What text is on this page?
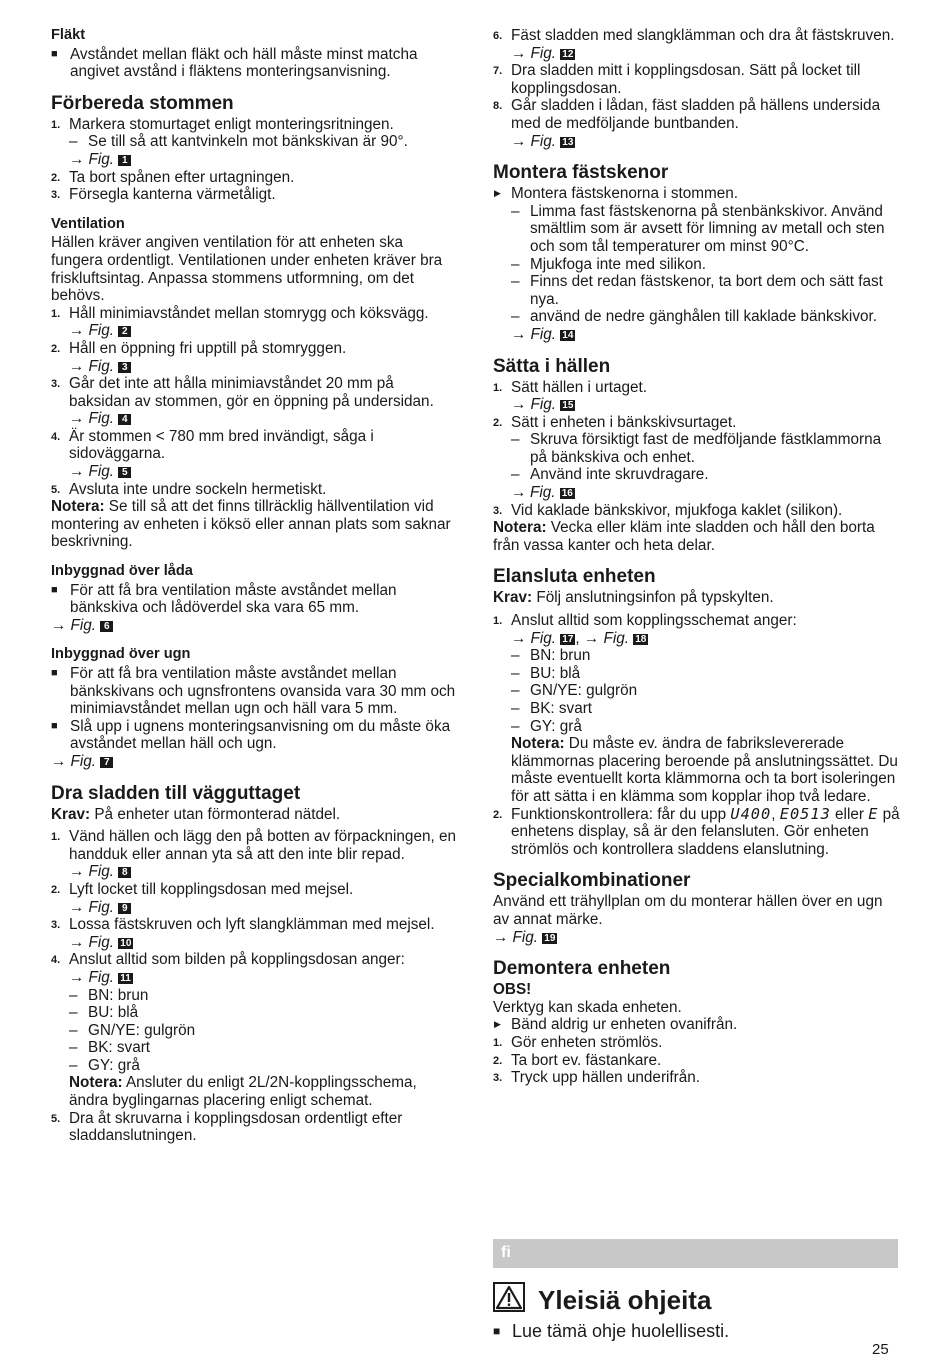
Fläkt
■ Avståndet mellan fläkt och häll måste minst matcha angivet avstånd i fläktens monteringsanvisning.
Förbereda stommen
1. Markera stomurtaget enligt monteringsritningen.
– Se till så att kantvinkeln mot bänkskivan är 90°.
→ Fig. 1
2. Ta bort spånen efter urtagningen.
3. Försegla kanterna värmetåligt.
Ventilation
Hällen kräver angiven ventilation för att enheten ska fungera ordentligt. Ventilationen under enheten kräver bra friskluftsintag. Anpassa stommens utformning, om det behövs.
1. Håll minimiavståndet mellan stomrygg och köksvägg.
→ Fig. 2
2. Håll en öppning fri upptill på stomryggen.
→ Fig. 3
3. Går det inte att hålla minimiavståndet 20 mm på baksidan av stommen, gör en öppning på undersidan.
→ Fig. 4
4. Är stommen < 780 mm bred invändigt, såga i sidoväggarna.
→ Fig. 5
5. Avsluta inte undre sockeln hermetiskt.
Notera: Se till så att det finns tillräcklig hällventilation vid montering av enheten i köksö eller annan plats som saknar beskrivning.
Inbyggnad över låda
■ För att få bra ventilation måste avståndet mellan bänkskiva och lådöverdel ska vara 65 mm.
→ Fig. 6
Inbyggnad över ugn
■ För att få bra ventilation måste avståndet mellan bänkskivans och ugnsfrontens ovansida vara 30 mm och minimiavståndet mellan ugn och häll vara 5 mm.
■ Slå upp i ugnens monteringsanvisning om du måste öka avståndet mellan häll och ugn.
→ Fig. 7
Dra sladden till vägguttaget
Krav: På enheter utan förmonterad nätdel.
1. Vänd hällen och lägg den på botten av förpackningen, en handduk eller annan yta så att den inte blir repad.
→ Fig. 8
2. Lyft locket till kopplingsdosan med mejsel.
→ Fig. 9
3. Lossa fästskruven och lyft slangklämman med mejsel.
→ Fig. 10
4. Anslut alltid som bilden på kopplingsdosan anger:
→ Fig. 11
– BN: brun
– BU: blå
– GN/YE: gulgrön
– BK: svart
– GY: grå
Notera: Ansluter du enligt 2L/2N-kopplingsschema, ändra byglingarnas placering enligt schemat.
5. Dra åt skruvarna i kopplingsdosan ordentligt efter sladdanslutningen.
6. Fäst sladden med slangklämman och dra åt fästskruven.
→ Fig. 12
7. Dra sladden mitt i kopplingsdosan. Sätt på locket till kopplingsdosan.
8. Går sladden i lådan, fäst sladden på hällens undersida med de medföljande buntbanden.
→ Fig. 13
Montera fästskenor
▶ Montera fästskenorna i stommen.
– Limma fast fästskenorna på stenbänkskivor. Använd smältlim som är avsett för limning av metall och sten och som tål temperaturer om minst 90°C.
– Mjukfoga inte med silikon.
– Finns det redan fästskenor, ta bort dem och sätt fast nya.
– använd de nedre gänghålen till kaklade bänkskivor.
→ Fig. 14
Sätta i hällen
1. Sätt hällen i urtaget.
→ Fig. 15
2. Sätt i enheten i bänkskivsurtaget.
– Skruva försiktigt fast de medföljande fästklammorna på bänkskiva och enhet.
– Använd inte skruvdragare.
→ Fig. 16
3. Vid kaklade bänkskivor, mjukfoga kaklet (silikon).
Notera: Vecka eller kläm inte sladden och håll den borta från vassa kanter och heta delar.
Elansluta enheten
Krav: Följ anslutningsinfon på typskylten.
1. Anslut alltid som kopplingsschemat anger:
→ Fig. 17 , → Fig. 18
– BN: brun
– BU: blå
– GN/YE: gulgrön
– BK: svart
– GY: grå
Notera: Du måste ev. ändra de fabrikslevererade klämmornas placering beroende på anslutningssättet. Du måste eventuellt korta klämmorna och ta bort isoleringen för att sätta i en klämma som kopplar ihop två ledare.
2. Funktionskontrollera: får du upp U400, E0513 eller E på enhetens display, så är den felansluten. Gör enheten strömlös och kontrollera sladdens elanslutning.
Specialkombinationer
Använd ett trähyllplan om du monterar hällen över en ugn av annat märke.
→ Fig. 19
Demontera enheten
OBS!
Verktyg kan skada enheten.
▶ Bänd aldrig ur enheten ovanifrån.
1. Gör enheten strömlös.
2. Ta bort ev. fästankare.
3. Tryck upp hällen underifrån.
fi
Yleisiä ohjeita
■ Lue tämä ohje huolellisesti.
25
